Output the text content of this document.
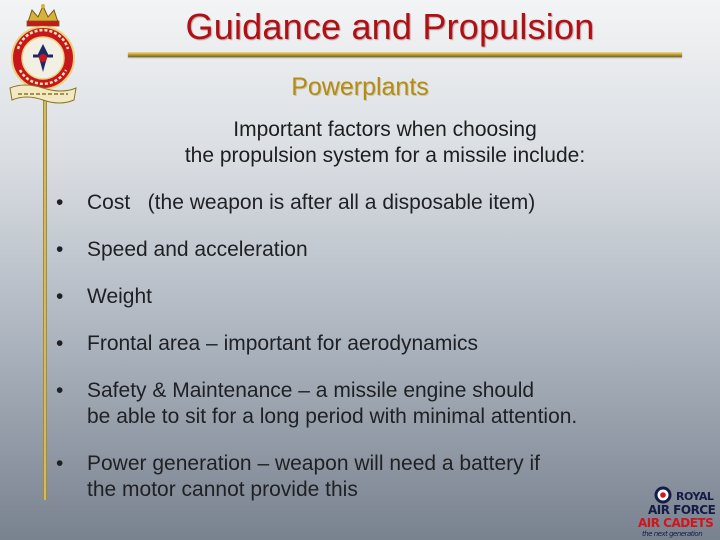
Guidance and Propulsion
Powerplants
Important factors when choosing
the propulsion system for a missile include:
• Cost   (the weapon is after all a disposable item)
• Speed and acceleration
• Weight
• Frontal area – important for aerodynamics
• Safety & Maintenance – a missile engine should
be able to sit for a long period with minimal attention.
• Power generation – weapon will need a battery if
the motor cannot provide this	ROYAL
AIR FORCE
AIR CADETS
the next generation
